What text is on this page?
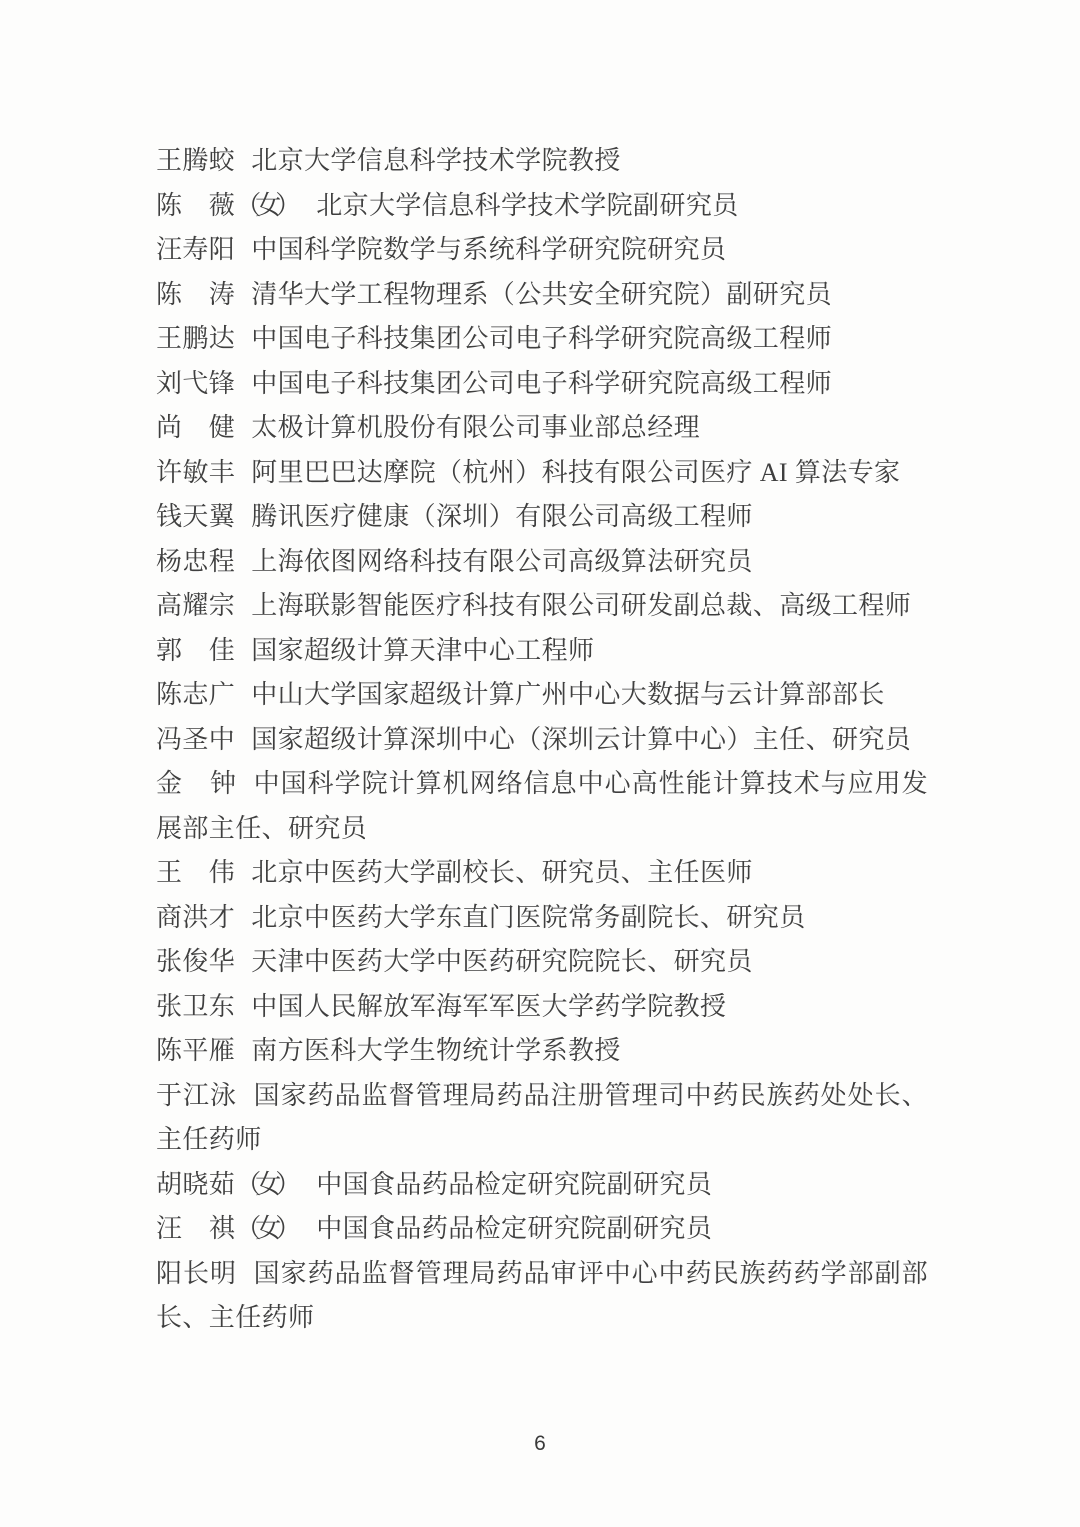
王腾蛟 北京大学信息科学技术学院教授

陈　薇（女） 北京大学信息科学技术学院副研究员

汪寿阳 中国科学院数学与系统科学研究院研究员

陈　涛 清华大学工程物理系（公共安全研究院）副研究员

王鹏达 中国电子科技集团公司电子科学研究院高级工程师

刘弋锋 中国电子科技集团公司电子科学研究院高级工程师

尚　健 太极计算机股份有限公司事业部总经理

许敏丰 阿里巴巴达摩院（杭州）科技有限公司医疗 AI 算法专家

钱天翼 腾讯医疗健康（深圳）有限公司高级工程师

杨忠程 上海依图网络科技有限公司高级算法研究员

高耀宗 上海联影智能医疗科技有限公司研发副总裁、高级工程师

郭　佳 国家超级计算天津中心工程师

陈志广 中山大学国家超级计算广州中心大数据与云计算部部长

冯圣中 国家超级计算深圳中心（深圳云计算中心）主任、研究员

金　钟 中国科学院计算机网络信息中心高性能计算技术与应用发展部主任、研究员

王　伟 北京中医药大学副校长、研究员、主任医师

商洪才 北京中医药大学东直门医院常务副院长、研究员

张俊华 天津中医药大学中医药研究院院长、研究员

张卫东 中国人民解放军海军军医大学药学院教授

陈平雁 南方医科大学生物统计学系教授

于江泳 国家药品监督管理局药品注册管理司中药民族药处处长、主任药师

胡晓茹（女） 中国食品药品检定研究院副研究员

汪　祺（女） 中国食品药品检定研究院副研究员

阳长明 国家药品监督管理局药品审评中心中药民族药药学部副部长、主任药师

6
